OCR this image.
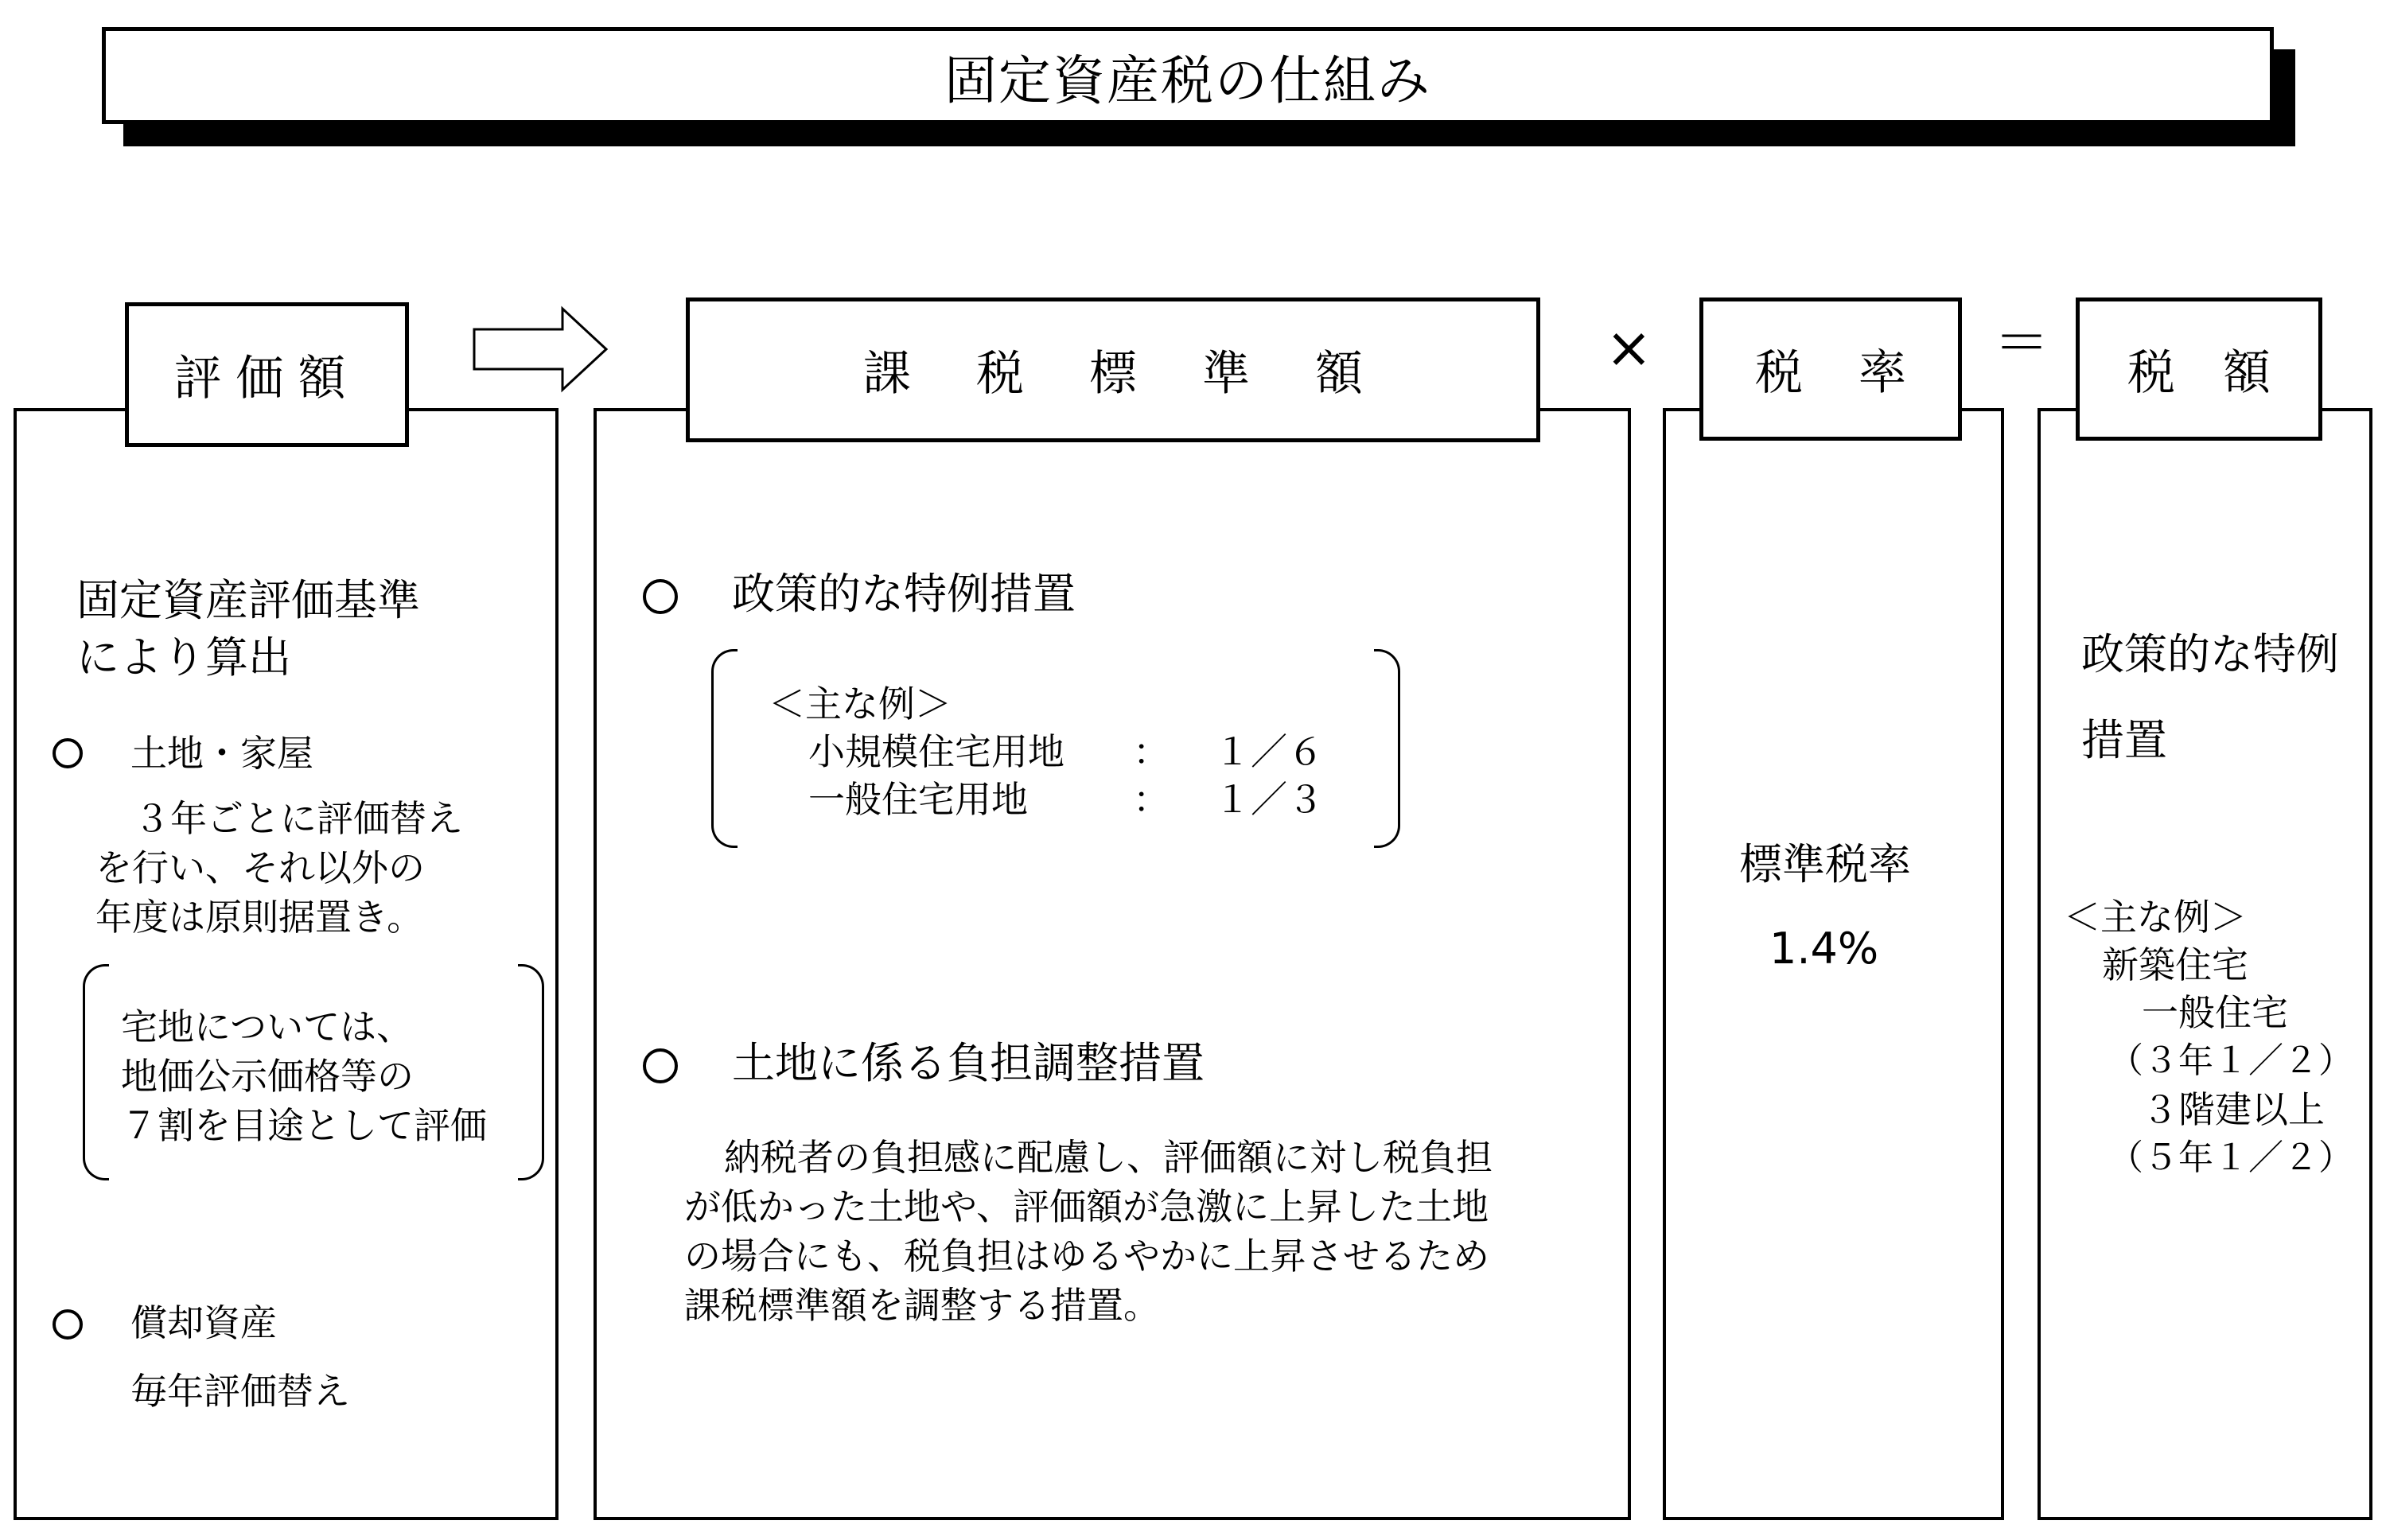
固定資産税の仕組み
評価額	課税標準額	税率	税額
×	＝
固定資産評価基準
により算出
土地・家屋
３年ごとに評価替え
を行い、それ以外の
年度は原則据置き。
宅地については、
地価公示価格等の
７割を目途として評価
償却資産
毎年評価替え
政策的な特例措置
＜主な例＞
小規模住宅用地 ： １／６
一般住宅用地	： １／３
土地に係る負担調整措置
納税者の負担感に配慮し、評価額に対し税負担
が低かった土地や、評価額が急激に上昇した土地
の場合にも、税負担はゆるやかに上昇させるため
課税標準額を調整する措置。
標準税率
1.4%
政策的な特例
措置
＜主な例＞
新築住宅
一般住宅
（３年１／２）
３階建以上
（５年１／２）
